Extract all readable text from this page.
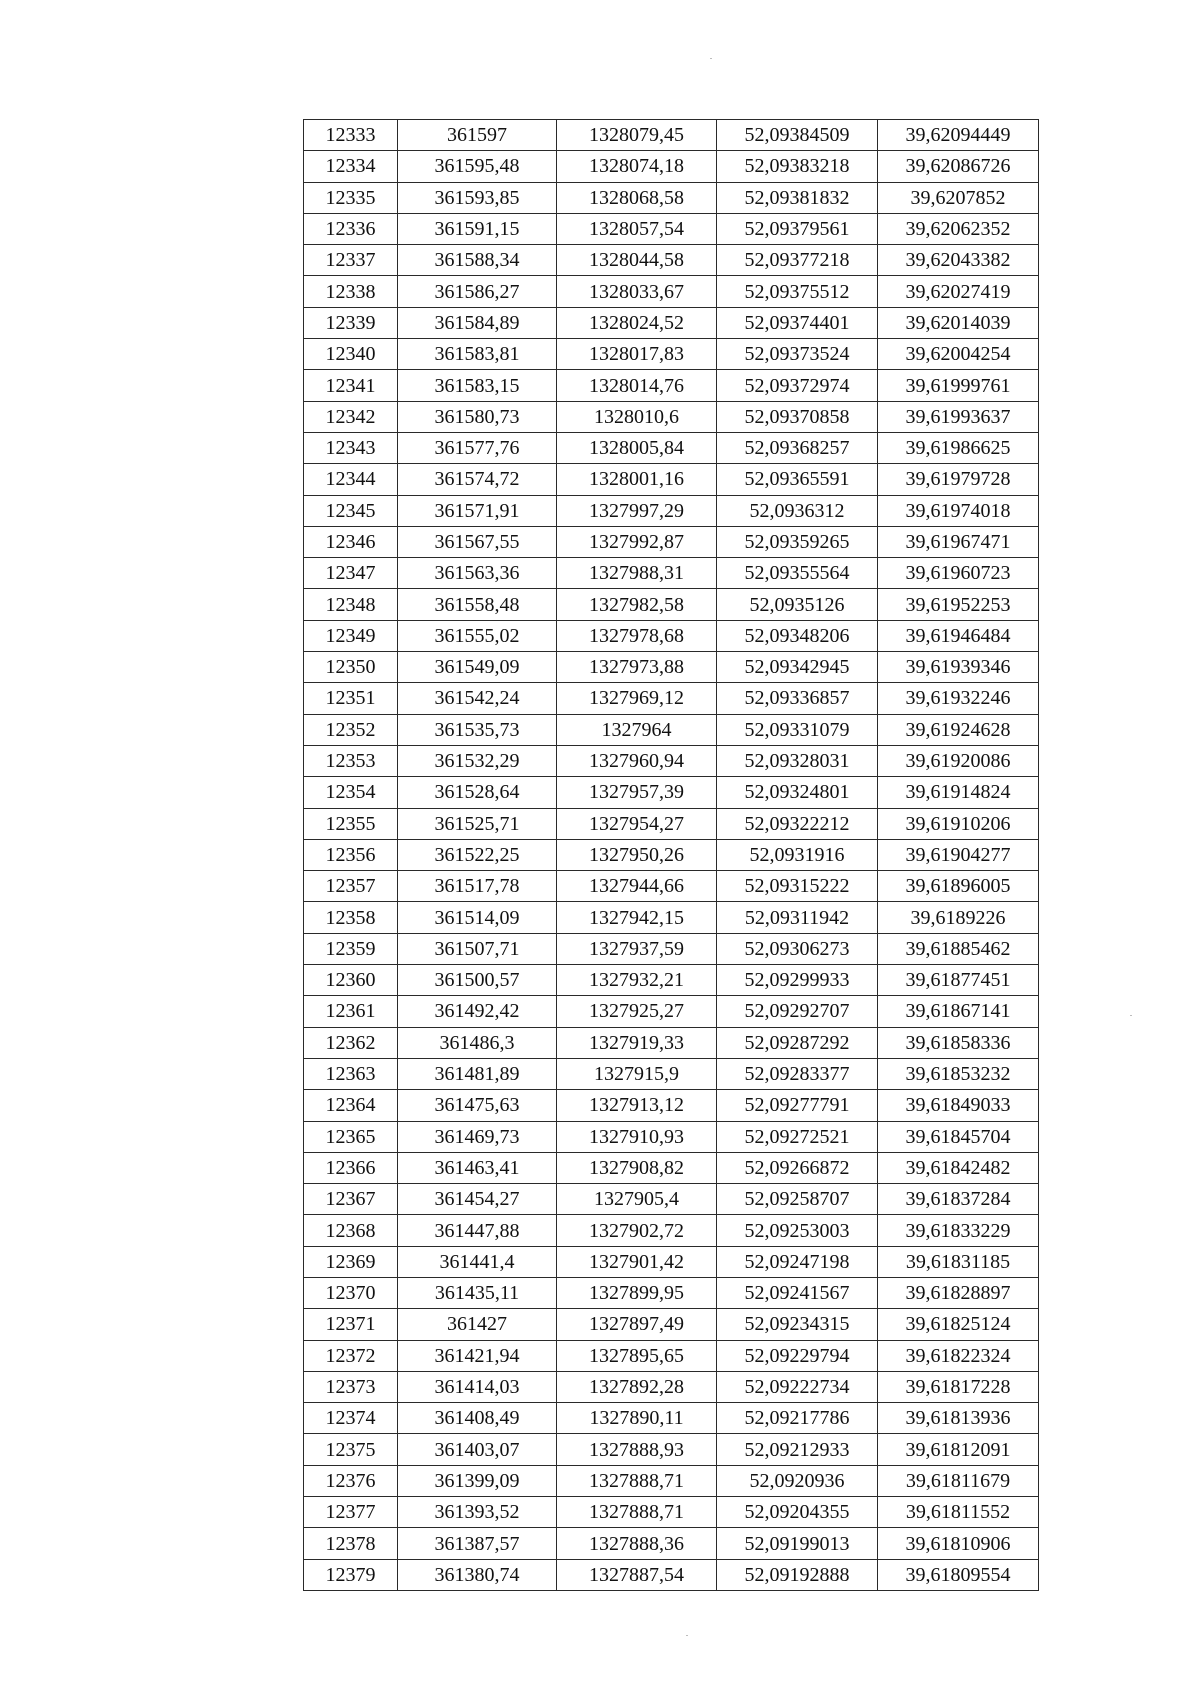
12333	361597	1328079,45	52,09384509	39,62094449
12334	361595,48	1328074,18	52,09383218	39,62086726
12335	361593,85	1328068,58	52,09381832	39,6207852
12336	361591,15	1328057,54	52,09379561	39,62062352
12337	361588,34	1328044,58	52,09377218	39,62043382
12338	361586,27	1328033,67	52,09375512	39,62027419
12339	361584,89	1328024,52	52,09374401	39,62014039
12340	361583,81	1328017,83	52,09373524	39,62004254
12341	361583,15	1328014,76	52,09372974	39,61999761
12342	361580,73	1328010,6	52,09370858	39,61993637
12343	361577,76	1328005,84	52,09368257	39,61986625
12344	361574,72	1328001,16	52,09365591	39,61979728
12345	361571,91	1327997,29	52,0936312	39,61974018
12346	361567,55	1327992,87	52,09359265	39,61967471
12347	361563,36	1327988,31	52,09355564	39,61960723
12348	361558,48	1327982,58	52,0935126	39,61952253
12349	361555,02	1327978,68	52,09348206	39,61946484
12350	361549,09	1327973,88	52,09342945	39,61939346
12351	361542,24	1327969,12	52,09336857	39,61932246
12352	361535,73	1327964	52,09331079	39,61924628
12353	361532,29	1327960,94	52,09328031	39,61920086
12354	361528,64	1327957,39	52,09324801	39,61914824
12355	361525,71	1327954,27	52,09322212	39,61910206
12356	361522,25	1327950,26	52,0931916	39,61904277
12357	361517,78	1327944,66	52,09315222	39,61896005
12358	361514,09	1327942,15	52,09311942	39,6189226
12359	361507,71	1327937,59	52,09306273	39,61885462
12360	361500,57	1327932,21	52,09299933	39,61877451
12361	361492,42	1327925,27	52,09292707	39,61867141
12362	361486,3	1327919,33	52,09287292	39,61858336
12363	361481,89	1327915,9	52,09283377	39,61853232
12364	361475,63	1327913,12	52,09277791	39,61849033
12365	361469,73	1327910,93	52,09272521	39,61845704
12366	361463,41	1327908,82	52,09266872	39,61842482
12367	361454,27	1327905,4	52,09258707	39,61837284
12368	361447,88	1327902,72	52,09253003	39,61833229
12369	361441,4	1327901,42	52,09247198	39,61831185
12370	361435,11	1327899,95	52,09241567	39,61828897
12371	361427	1327897,49	52,09234315	39,61825124
12372	361421,94	1327895,65	52,09229794	39,61822324
12373	361414,03	1327892,28	52,09222734	39,61817228
12374	361408,49	1327890,11	52,09217786	39,61813936
12375	361403,07	1327888,93	52,09212933	39,61812091
12376	361399,09	1327888,71	52,0920936	39,61811679
12377	361393,52	1327888,71	52,09204355	39,61811552
12378	361387,57	1327888,36	52,09199013	39,61810906
12379	361380,74	1327887,54	52,09192888	39,61809554
